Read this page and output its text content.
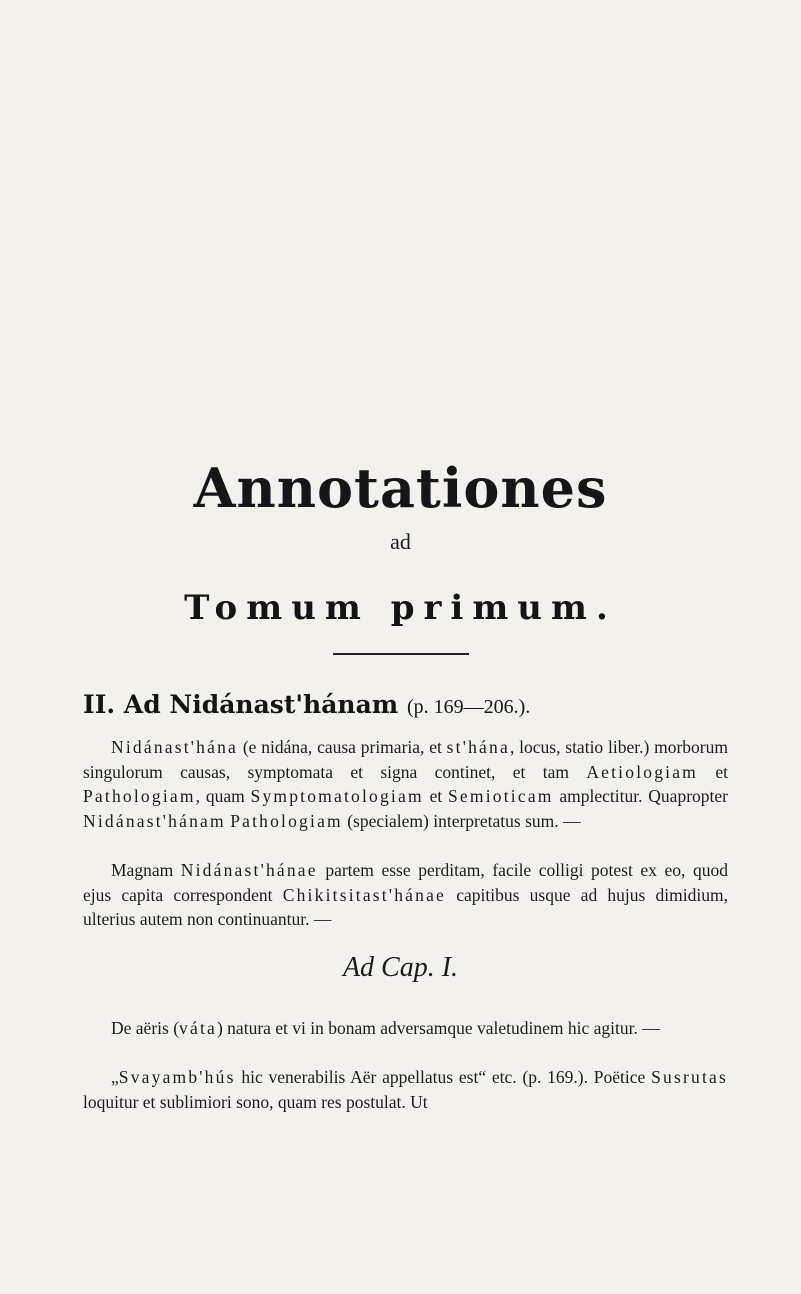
Annotationes
ad
Tomum primum.
II. Ad Nidánast'hánam (p. 169—206.).
Nidánast'hána (e nidána, causa primaria, et st'hána, locus, statio liber.) morborum singulorum causas, symptomata et signa continet, et tam Aetiologiam et Pathologiam, quam Symptomatologiam et Semioticam amplectitur. Quapropter Nidánast'hánam Pathologiam (specialem) interpretatus sum. —
Magnam Nidánast'hánae partem esse perditam, facile colligi potest ex eo, quod ejus capita correspondent Chikitsitast'hánae capitibus usque ad hujus dimidium, ulterius autem non continuantur. —
Ad Cap. I.
De aëris (váta) natura et vi in bonam adversamque valetudinem hic agitur. —
„Svayamb'hús hic venerabilis Aër appellatus est“ etc. (p. 169.). Poëtice Susrutas loquitur et sublimiori sono, quam res postulat. Ut
